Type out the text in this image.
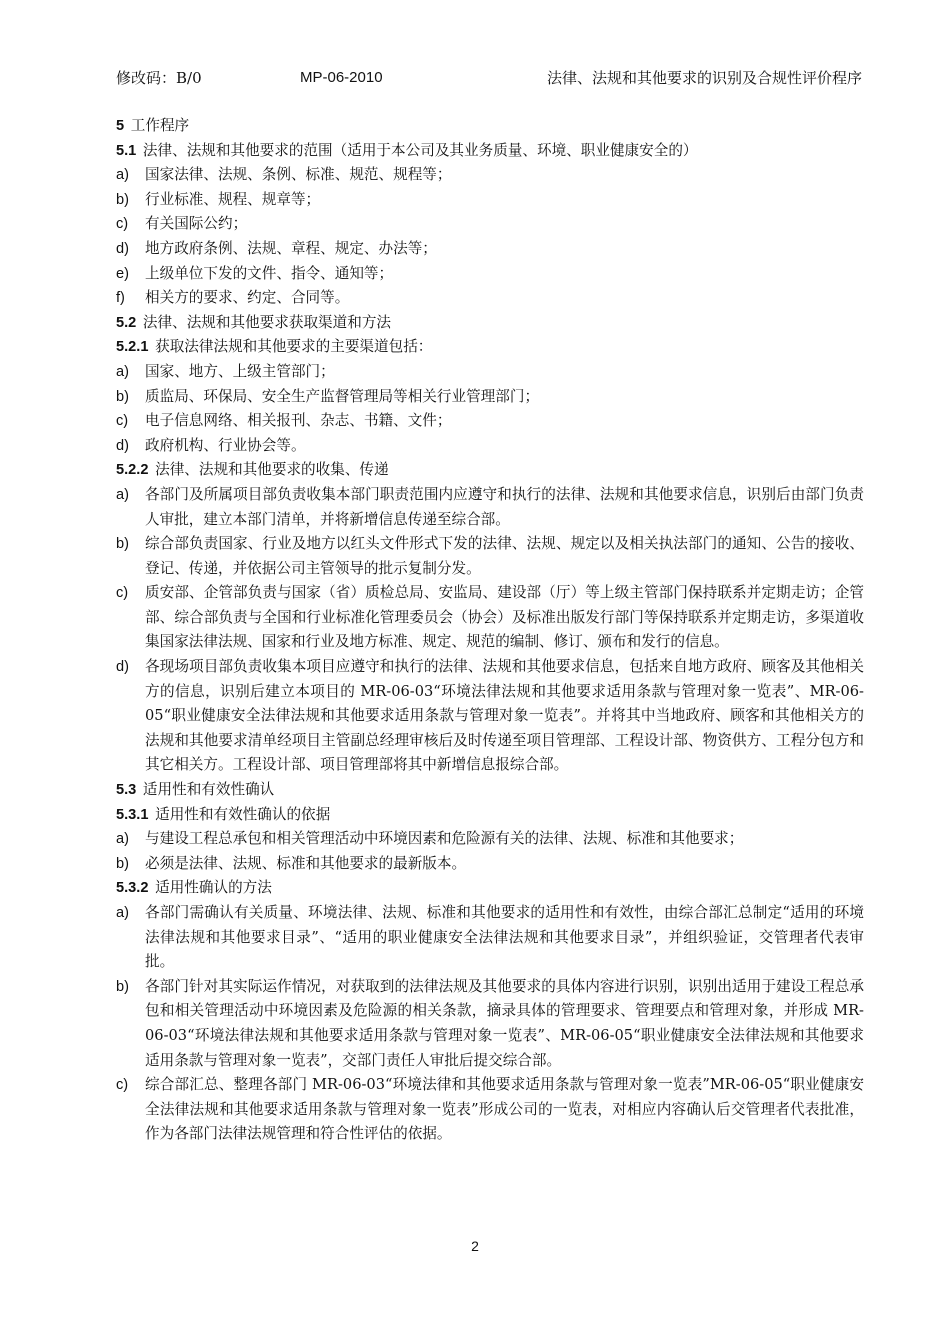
修改码：B/0	MP-06-2010	法律、法规和其他要求的识别及合规性评价程序
5 工作程序
5.1 法律、法规和其他要求的范围（适用于本公司及其业务质量、环境、职业健康安全的）
a) 国家法律、法规、条例、标准、规范、规程等；
b) 行业标准、规程、规章等；
c) 有关国际公约；
d) 地方政府条例、法规、章程、规定、办法等；
e) 上级单位下发的文件、指令、通知等；
f) 相关方的要求、约定、合同等。
5.2 法律、法规和其他要求获取渠道和方法
5.2.1 获取法律法规和其他要求的主要渠道包括：
a) 国家、地方、上级主管部门；
b) 质监局、环保局、安全生产监督管理局等相关行业管理部门；
c) 电子信息网络、相关报刊、杂志、书籍、文件；
d) 政府机构、行业协会等。
5.2.2 法律、法规和其他要求的收集、传递
a) 各部门及所属项目部负责收集本部门职责范围内应遵守和执行的法律、法规和其他要求信息，识别后由部门负责人审批，建立本部门清单，并将新增信息传递至综合部。
b) 综合部负责国家、行业及地方以红头文件形式下发的法律、法规、规定以及相关执法部门的通知、公告的接收、登记、传递，并依据公司主管领导的批示复制分发。
c) 质安部、企管部负责与国家（省）质检总局、安监局、建设部（厅）等上级主管部门保持联系并定期走访；企管部、综合部负责与全国和行业标准化管理委员会（协会）及标准出版发行部门等保持联系并定期走访，多渠道收集国家法律法规、国家和行业及地方标准、规定、规范的编制、修订、颁布和发行的信息。
d) 各现场项目部负责收集本项目应遵守和执行的法律、法规和其他要求信息，包括来自地方政府、顾客及其他相关方的信息，识别后建立本项目的 MR-06-03“环境法律法规和其他要求适用条款与管理对象一览表”、MR-06-05“职业健康安全法律法规和其他要求适用条款与管理对象一览表”。并将其中当地政府、顾客和其他相关方的法规和其他要求清单经项目主管副总经理审核后及时传递至项目管理部、工程设计部、物资供方、工程分包方和其它相关方。工程设计部、项目管理部将其中新增信息报综合部。
5.3 适用性和有效性确认
5.3.1 适用性和有效性确认的依据
a) 与建设工程总承包和相关管理活动中环境因素和危险源有关的法律、法规、标准和其他要求；
b) 必须是法律、法规、标准和其他要求的最新版本。
5.3.2 适用性确认的方法
a) 各部门需确认有关质量、环境法律、法规、标准和其他要求的适用性和有效性，由综合部汇总制定“适用的环境法律法规和其他要求目录”、“适用的职业健康安全法律法规和其他要求目录”，并组织验证，交管理者代表审批。
b) 各部门针对其实际运作情况，对获取到的法律法规及其他要求的具体内容进行识别，识别出适用于建设工程总承包和相关管理活动中环境因素及危险源的相关条款，摘录具体的管理要求、管理要点和管理对象，并形成 MR-06-03“环境法律法规和其他要求适用条款与管理对象一览表”、MR-06-05“职业健康安全法律法规和其他要求适用条款与管理对象一览表”，交部门责任人审批后提交综合部。
c) 综合部汇总、整理各部门 MR-06-03“环境法律和其他要求适用条款与管理对象一览表”MR-06-05“职业健康安全法律法规和其他要求适用条款与管理对象一览表”形成公司的一览表，对相应内容确认后交管理者代表批准，作为各部门法律法规管理和符合性评估的依据。
2
